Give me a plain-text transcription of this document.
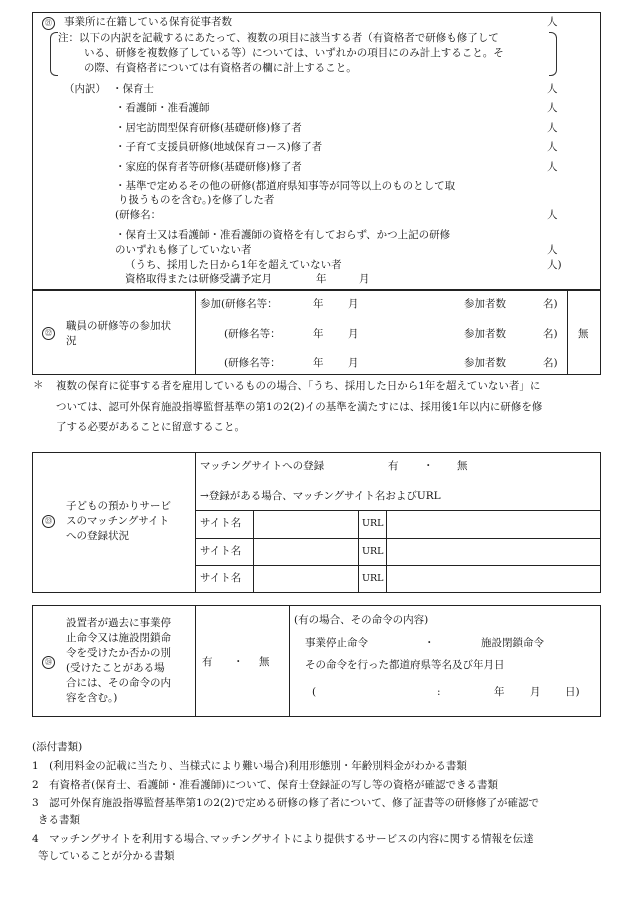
㉑ 事業所に在籍している保育従事者数	人
注：以下の内訳を記載するにあたって、複数の項目に該当する者（有資格者で研修も修了して
いる、研修を複数修了している等）については、いずれかの項目にのみ計上すること。そ
の際、有資格者については有資格者の欄に計上すること。
（内訳） ・保育士	人
・看護師・准看護師	人
・居宅訪問型保育研修(基礎研修)修了者	人
・子育て支援員研修(地域保育コース)修了者	人
・家庭的保育者等研修(基礎研修)修了者	人
・基準で定めるその他の研修(都道府県知事等が同等以上のものとして取
り扱うものを含む。)を修了した者
(研修名：	人
・保育士又は看護師・准看護師の資格を有しておらず、かつ上記の研修
のいずれも修了していない者	人
（うち、採用した日から1年を超えていない者	人)
資格取得または研修受講予定月	年	月
㉒
職員の研修等の参加状
況
参加(研修名等：	年 月	参加者数	名)
(研修名等：	年 月	参加者数	名) 無
(研修名等：	年 月	参加者数	名)
＊ 複数の保育に従事する者を雇用しているものの場合、「うち、採用した日から1年を超えていない者」に
ついては、認可外保育施設指導監督基準の第1の2(2)イの基準を満たすには、採用後1年以内に研修を修
了する必要があることに留意すること。
㉓
子どもの預かりサービ
スのマッチングサイト
への登録状況
マッチングサイトへの登録	有 ・ 無
→登録がある場合、マッチングサイト名およびURL
サイト名	URL
サイト名	URL
サイト名	URL
㉔
設置者が過去に事業停
止命令又は施設閉鎖命
令を受けたか否かの別
(受けたことがある場
合には、その命令の内
容を含む。)
有 ・ 無
(有の場合、その命令の内容)
事業停止命令	・	施設閉鎖命令
その命令を行った都道府県等名及び年月日
(	:	年 月 日)
(添付書類)
1　(利用料金の記載に当たり、当様式により難い場合)利用形態別・年齢別料金がわかる書類
2　有資格者(保育士、看護師・准看護師)について、保育士登録証の写し等の資格が確認できる書類
3　認可外保育施設指導監督基準第1の2(2)で定める研修の修了者について、修了証書等の研修修了が確認で
きる書類
4　マッチングサイトを利用する場合､マッチングサイトにより提供するサービスの内容に関する情報を伝達
等していることが分かる書類
